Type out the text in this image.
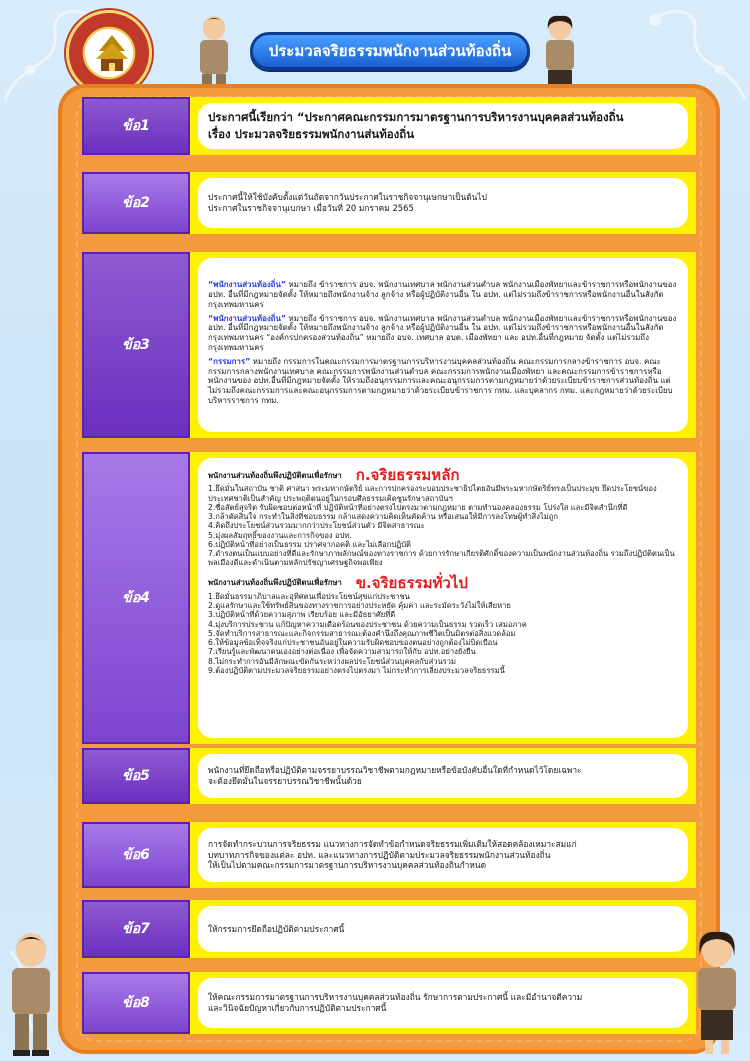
ประมวลจริยธรรมพนักงานส่วนท้องถิ่น
ข้อ1
ประกาศนี้เรียกว่า “ประกาศคณะกรรมการมาตรฐานการบริหารงานบุคคลส่วนท้องถิ่น
เรื่อง ประมวลจริยธรรมพนักงานส่นท้องถิ่น
ข้อ2	ประกาศนี้ให้ใช้บังคับตั้งแต่วันถัดจากวันประกาศในราชกิจจานุเษกษาเป็นต้นไป
ประกาศในราชกิจจานุเบกษา เมื่อวันที่ 20 มกราคม 2565
ข้อ3
“พนักงานส่วนท้องถิ่น” หมายถึง ข้าราชการ อบจ. พนักงานเทศบาล พนักงานส่วนตำบล พนักงานเมืองพัทยาและข้าราชการหรือพนักงานของ อปท. อื่นที่มีกฎหมายจัดตั้ง ให้หมายถึงพนักงานจ้าง ลูกจ้าง หรือผู้ปฏิบัติงานอื่น ใน อปท. แต่ไม่รวมถึงข้าราชการหรือพนักงานอื่นในสังกัดกรุงเทพมหานคร
“พนักงานส่วนท้องถิ่น” หมายถึง ข้าราชการ อบจ. พนักงานเทศบาล พนักงานส่วนตำบล พนักงานเมืองพัทยาและข้าราชการหรือพนักงานของ อปท. อื่นที่มีกฎหมายจัดตั้ง ให้หมายถึงพนักงานจ้าง ลูกจ้าง หรือผู้ปฏิบัติงานอื่น ใน อปท. แต่ไม่รวมถึงข้าราชการหรือพนักงานอื่นในสังกัดกรุงเทพมหานคร “องค์กรปกครองส่วนท้องถิ่น” หมายถึง อบจ. เทศบาล อบต. เมืองพัทยา และ อปท.อื่นที่กฎหมาย จัดตั้ง แต่ไม่รวมถึงกรุงเทพมหานคร
“กรรมการ” หมายถึง กรรมการในคณะกรรมการมาตรฐานการบริหารงานบุคคลส่วนท้องถิ่น คณะกรรมการกลางข้าราชการ อบจ. คณะกรรมการกลางพนักงานเทศบาล คณะกรรมการพนักงานส่วนตำบล คณะกรรมการพนักงานเมืองพัทยา และคณะกรรมการข้าราชการหรือพนักงานของ อปท.อื่นที่มีกฎหมายจัดตั้ง ให้รวมถึงอนุกรรมการและคณะอนุกรรมการตามกฎหมายว่าด้วยระเบียบข้าราชการส่วนท้องถิ่น แต่ไม่รวมถึงคณะกรรมการและคณะอนุกรรมการตามกฎหมายว่าด้วยระเบียบข้าราชการ กทม. และบุคลากร กทม. และกฎหมายว่าด้วยระเบียบบริหารราชการ กทม.
ข้อ4
พนักงานส่วนท้องถิ่นพึงปฏิบัติตนเพื่อรักษา ก.จริยธรรมหลัก
1.ยึดมั่นในสถาบัน ชาติ ศาสนา พระมหากษัตริย์ และการปกครองระบอบประชาธิปไตยอันมีพระมหากษัตริย์ทรงเป็นประมุข ยึดประโยชน์ของประเทศชาติเป็นสำคัญ ประพฤติตนอยู่ในกรอบศีลธรรมเคิดชูนรักษาสถาบันฯ
2.ซื่อสัตย์สุจริต รับผิดชอบต่อหน้าที่ ปฏิบัติหน้าที่อย่างตรงไปตรงมาตามกฎหมาย ตามทำนองคลองธรรม โปร่งใส และมีจิตสำนึกที่ดี
3.กล้าตัดสินใจ กระทำในสิ่งที่ชอบธรรม กล้าแสดงความคิดเห็นคัดค้าน หรือเสนอให้มีการลงโทษผู้ทำสิ่งไม่ถูก
4.คิดถึงประโยชน์ส่วนรวมมากกว่าประโยชน์ส่วนตัว มีจิตสาธารณะ
5.มุ่งผลสัมฤทธิ์ของงานและการกิจของ อปท.
6.ปฏิบัติหน้าที่อย่างเป็นธรรม ปราศจากอคติ และไม่เลือกปฏิบัติ
7.ดำรงตนเป็นแบบอย่างที่ดีและรักษาภาพลักษณ์ของทางราชการ ด้วยการรักษาเกียรติศักดิ์ของความเป็นพนักงานส่วนท้องถิ่น รวมถึงปฏิบัติตนเป็นพลเมืองดีและดำเนินตามหลักปรัชญาเศรษฐกิจพอเพียง
พนักงานส่วนท้องถิ่นพึงปฏิบัติตนเพื่อรักษา ข.จริยธรรมทั่วไป
1.ยึดมั่นธรรมาภิบาลและอุทิศตนเพื่อประโยชน์สุขแก่ประชาชน
2.ดูแลรักษาและใช้ทรัพย์สินของทางราชการอย่างประหยัด คุ้มค่า และระมัดระวังไม่ให้เสียหาย
3.ปฏิบัติหน้าที่ด้วยความสุภาพ เรียบร้อย และมีอัธยาศัยที่ดี
4.มุ่งบริการประชาน แก้ปัญหาความเดือดร้อนของประชาชน ด้วยความเป็นธรรม รวดเร็ว เสมอภาค
5.จัดทำบริการสาธารณะและกิจกรรมสาธารณะต้องคำนึงถึงคุณภาพชีวิตเป็นมิตรต่อสิ่งแวดล้อม
6.ให้ข้อมูลข้อเท็จจริงแก่ประชาชนอันอยู่ในความรับผิดชอบของตนอย่างถูกต้องไม่บิดเบือน
7.เรียนรู้และพัฒนาตนเองอย่างต่อเนื่อง เพื่อจัดความสามารถให้กับ อปท.อย่างยั่งยืน
8.ไม่กระทำการอันมีลักษณะขัดกันระหว่างผลประโยชน์ส่วนบุคคลกับส่วนรวม
9.ต้องปฏิบัติตามประมวลจริยธรรมอย่างตรงไปตรงมา ไม่กระทำการเลี่ยงประมวลจริยธรรมนี้
ข้อ5	พนักงานที่ยึดถือหรือปฏิบัติตามจรรยาบรรณวิชาชีพตามกฎหมายหรือข้อบังคับอื่นใดที่กำหนดไว้โดยเฉพาะ
จะต้องยึดมั่นในจรรยาบรรณวิชาชีพนั้นด้วย
ข้อ6
การจัดทำกระบวนการจริยธรรม แนวทางการจัดทำข้อกำหนดจริยธรรมเพิ่มเติมให้สอดคล้องเหมาะสมแก่
บทบาทภารกิจของแต่ละ อปท. และแนวทางการปฏิบัติตามประมวลจริยธรรมพนักงานส่วนท้องถิ่น
ให้เป็นไปตามคณะกรรมการมาตรฐานการบริหารงานบุคคลส่วนท้องถิ่นกำหนด
ข้อ7	ให้กรรมการยึดถือปฏิบัติตามประกาศนี้
ข้อ8	ให้คณะกรรมการมาตรฐานการบริหารงานบุคคลส่วนท้องถิ่น รักษาการตามประกาศนี้ และมีอำนาจตีความ
และวินิจฉัยปัญหาเกี่ยวกับการปฏิบัติตามประกาศนี้
